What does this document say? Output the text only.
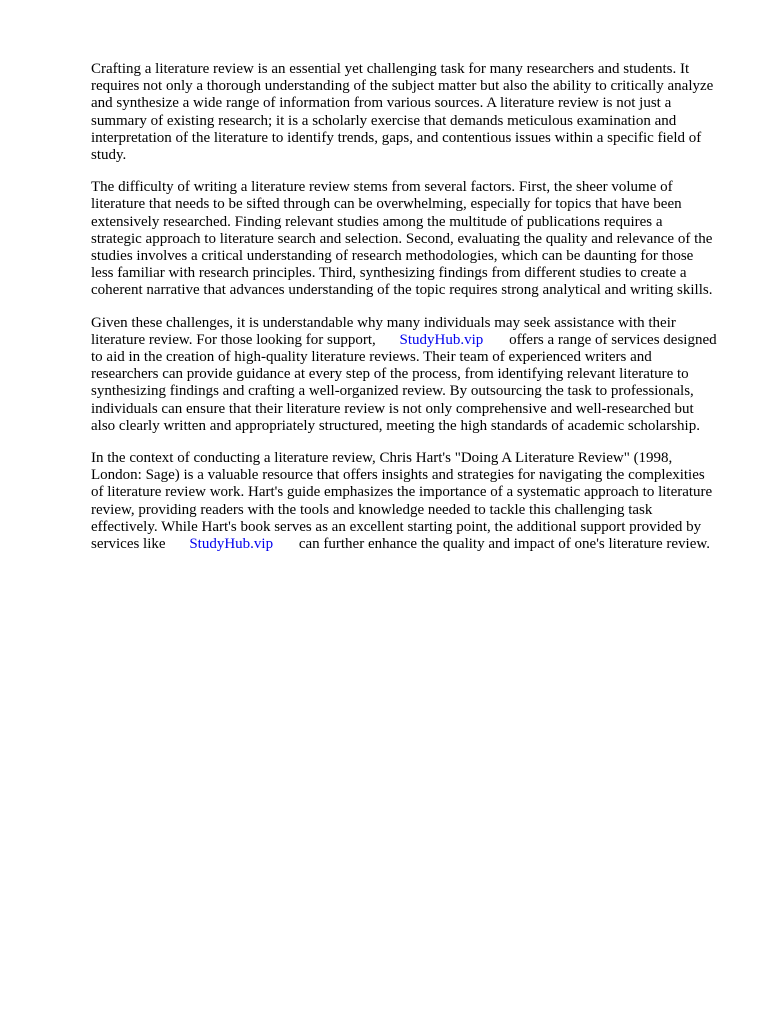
Crafting a literature review is an essential yet challenging task for many researchers and students. It requires not only a thorough understanding of the subject matter but also the ability to critically analyze and synthesize a wide range of information from various sources. A literature review is not just a summary of existing research; it is a scholarly exercise that demands meticulous examination and interpretation of the literature to identify trends, gaps, and contentious issues within a specific field of study.

The difficulty of writing a literature review stems from several factors. First, the sheer volume of literature that needs to be sifted through can be overwhelming, especially for topics that have been extensively researched. Finding relevant studies among the multitude of publications requires a strategic approach to literature search and selection. Second, evaluating the quality and relevance of the studies involves a critical understanding of research methodologies, which can be daunting for those less familiar with research principles. Third, synthesizing findings from different studies to create a coherent narrative that advances understanding of the topic requires strong analytical and writing skills.

Given these challenges, it is understandable why many individuals may seek assistance with their literature review. For those looking for support, StudyHub.vip offers a range of services designed to aid in the creation of high-quality literature reviews. Their team of experienced writers and researchers can provide guidance at every step of the process, from identifying relevant literature to synthesizing findings and crafting a well-organized review. By outsourcing the task to professionals, individuals can ensure that their literature review is not only comprehensive and well-researched but also clearly written and appropriately structured, meeting the high standards of academic scholarship.

In the context of conducting a literature review, Chris Hart's "Doing A Literature Review" (1998, London: Sage) is a valuable resource that offers insights and strategies for navigating the complexities of literature review work. Hart's guide emphasizes the importance of a systematic approach to literature review, providing readers with the tools and knowledge needed to tackle this challenging task effectively. While Hart's book serves as an excellent starting point, the additional support provided by services like StudyHub.vip can further enhance the quality and impact of one's literature review.
